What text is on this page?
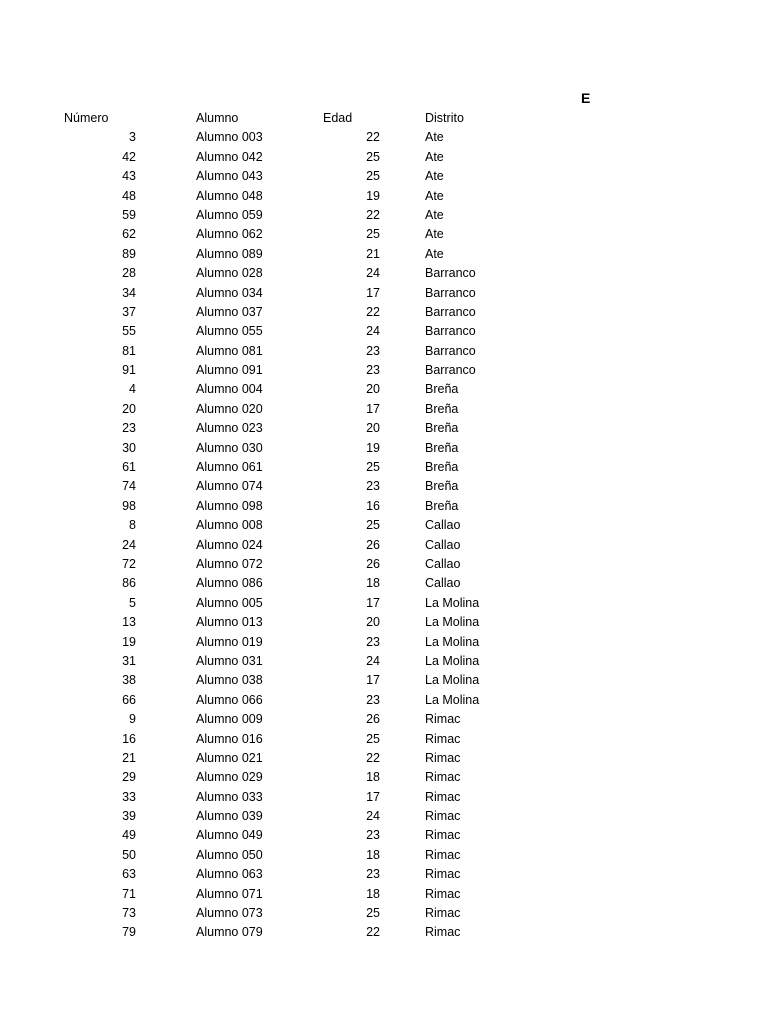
E
Número	Alumno	Edad	Distrito
3	Alumno 003	22	Ate
42	Alumno 042	25	Ate
43	Alumno 043	25	Ate
48	Alumno 048	19	Ate
59	Alumno 059	22	Ate
62	Alumno 062	25	Ate
89	Alumno 089	21	Ate
28	Alumno 028	24	Barranco
34	Alumno 034	17	Barranco
37	Alumno 037	22	Barranco
55	Alumno 055	24	Barranco
81	Alumno 081	23	Barranco
91	Alumno 091	23	Barranco
4	Alumno 004	20	Breña
20	Alumno 020	17	Breña
23	Alumno 023	20	Breña
30	Alumno 030	19	Breña
61	Alumno 061	25	Breña
74	Alumno 074	23	Breña
98	Alumno 098	16	Breña
8	Alumno 008	25	Callao
24	Alumno 024	26	Callao
72	Alumno 072	26	Callao
86	Alumno 086	18	Callao
5	Alumno 005	17	La Molina
13	Alumno 013	20	La Molina
19	Alumno 019	23	La Molina
31	Alumno 031	24	La Molina
38	Alumno 038	17	La Molina
66	Alumno 066	23	La Molina
9	Alumno 009	26	Rimac
16	Alumno 016	25	Rimac
21	Alumno 021	22	Rimac
29	Alumno 029	18	Rimac
33	Alumno 033	17	Rimac
39	Alumno 039	24	Rimac
49	Alumno 049	23	Rimac
50	Alumno 050	18	Rimac
63	Alumno 063	23	Rimac
71	Alumno 071	18	Rimac
73	Alumno 073	25	Rimac
79	Alumno 079	22	Rimac
